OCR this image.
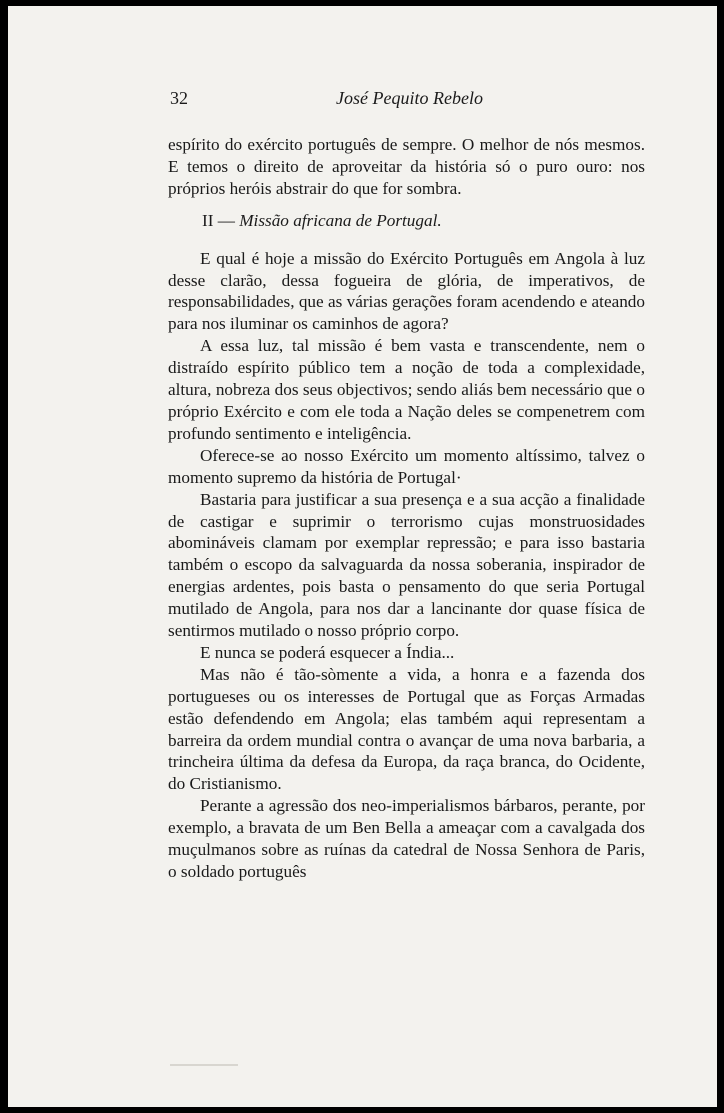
32	José Pequito Rebelo

espírito do exército português de sempre. O melhor de nós mesmos. E temos o direito de aproveitar da história só o puro ouro: nos próprios heróis abstrair do que for sombra.

II — Missão africana de Portugal.

E qual é hoje a missão do Exército Português em Angola à luz desse clarão, dessa fogueira de glória, de imperativos, de responsabilidades, que as várias gerações foram acendendo e ateando para nos iluminar os caminhos de agora?

A essa luz, tal missão é bem vasta e transcendente, nem o distraído espírito público tem a noção de toda a complexidade, altura, nobreza dos seus objectivos; sendo aliás bem necessário que o próprio Exército e com ele toda a Nação deles se compenetrem com profundo sentimento e inteligência.

Oferece-se ao nosso Exército um momento altíssimo, talvez o momento supremo da história de Portugal·

Bastaria para justificar a sua presença e a sua acção a finalidade de castigar e suprimir o terrorismo cujas monstruosidades abomináveis clamam por exemplar repressão; e para isso bastaria também o escopo da salvaguarda da nossa soberania, inspirador de energias ardentes, pois basta o pensamento do que seria Portugal mutilado de Angola, para nos dar a lancinante dor quase física de sentirmos mutilado o nosso próprio corpo.

E nunca se poderá esquecer a Índia...

Mas não é tão-sòmente a vida, a honra e a fazenda dos portugueses ou os interesses de Portugal que as Forças Armadas estão defendendo em Angola; elas também aqui representam a barreira da ordem mundial contra o avançar de uma nova barbaria, a trincheira última da defesa da Europa, da raça branca, do Ocidente, do Cristianismo.

Perante a agressão dos neo-imperialismos bárbaros, perante, por exemplo, a bravata de um Ben Bella a ameaçar com a cavalgada dos muçulmanos sobre as ruínas da catedral de Nossa Senhora de Paris, o soldado português
